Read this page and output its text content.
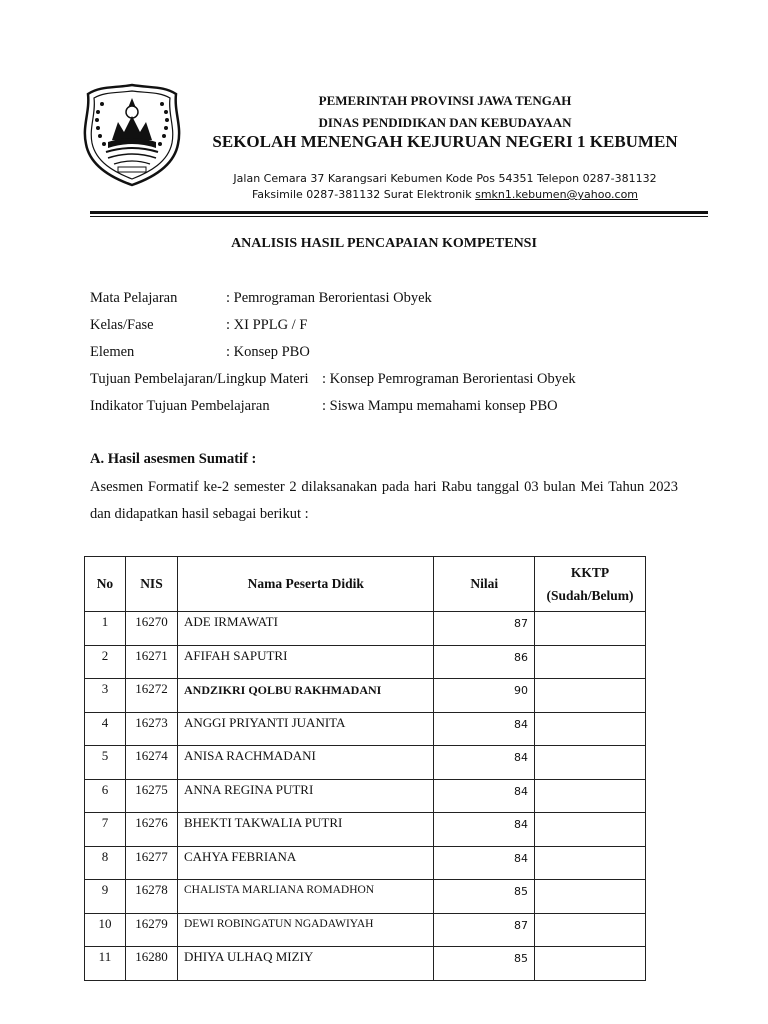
PEMERINTAH PROVINSI JAWA TENGAH
DINAS PENDIDIKAN DAN KEBUDAYAAN
SEKOLAH MENENGAH KEJURUAN NEGERI 1 KEBUMEN
Jalan Cemara 37 Karangsari Kebumen Kode Pos 54351 Telepon 0287-381132
Faksimile 0287-381132 Surat Elektronik smkn1.kebumen@yahoo.com
ANALISIS HASIL PENCAPAIAN KOMPETENSI
Mata Pelajaran	: Pemrograman Berorientasi Obyek
Kelas/Fase	: XI PPLG / F
Elemen	: Konsep PBO
Tujuan Pembelajaran/Lingkup Materi : Konsep Pemrograman Berorientasi Obyek
Indikator Tujuan Pembelajaran	: Siswa Mampu memahami konsep PBO
A. Hasil asesmen Sumatif :
Asesmen Formatif ke-2 semester 2 dilaksanakan pada hari Rabu tanggal 03 bulan Mei Tahun 2023 dan didapatkan hasil sebagai berikut :
No	NIS	Nama Peserta Didik	Nilai	KKTP
(Sudah/Belum)

1	16270	ADE IRMAWATI	87	
2	16271	AFIFAH SAPUTRI	86	
3	16272	ANDZIKRI QOLBU RAKHMADANI	90	
4	16273	ANGGI PRIYANTI JUANITA	84	
5	16274	ANISA RACHMADANI	84	
6	16275	ANNA REGINA PUTRI	84	
7	16276	BHEKTI TAKWALIA PUTRI	84	
8	16277	CAHYA FEBRIANA	84	
9	16278	CHALISTA MARLIANA ROMADHON	85	
10	16279	DEWI ROBINGATUN NGADAWIYAH	87	
11	16280	DHIYA ULHAQ MIZIY	85	
